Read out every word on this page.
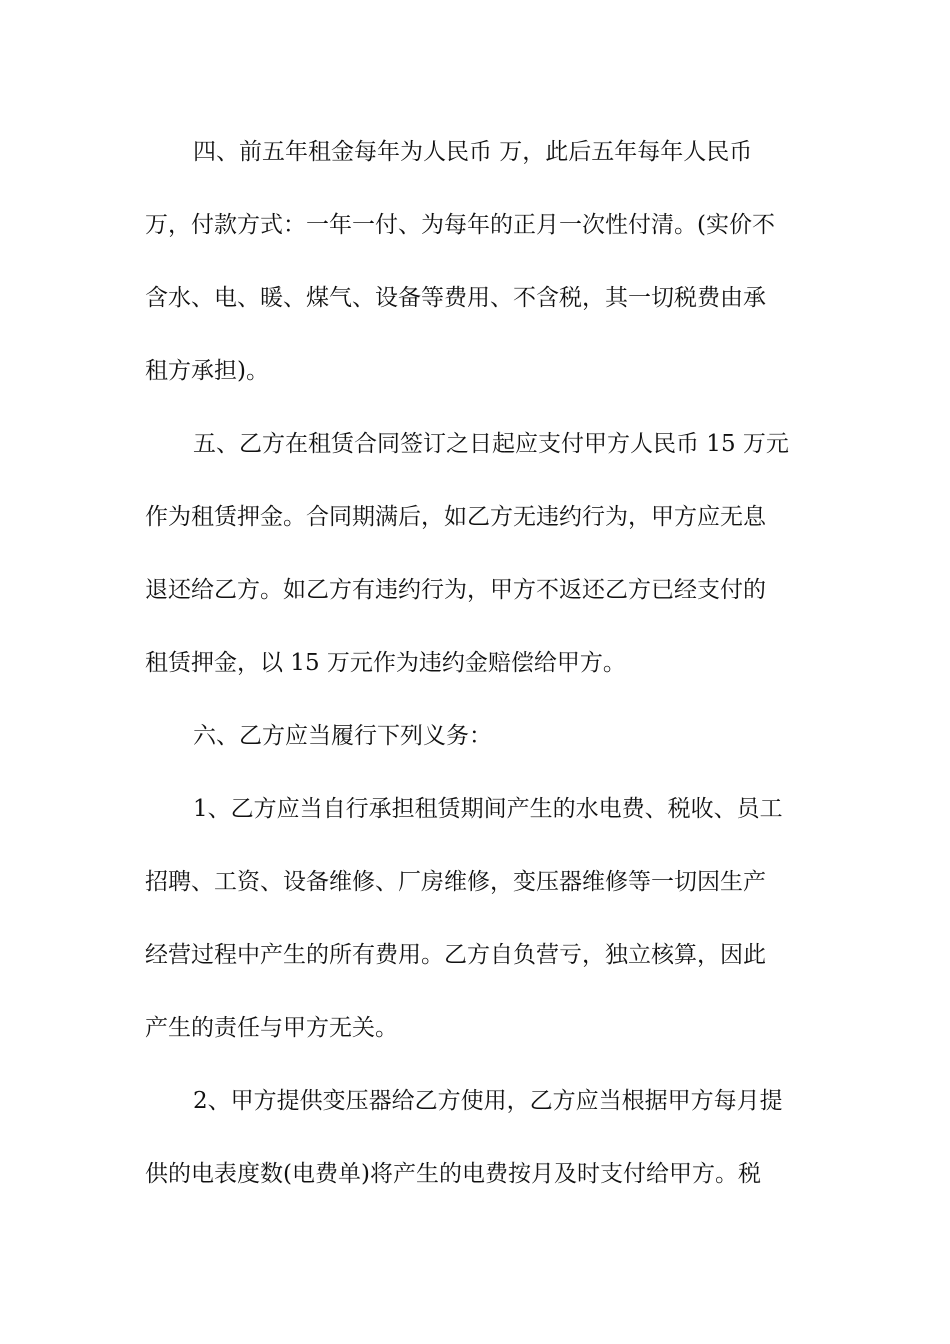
四、前五年租金每年为人民币 万，此后五年每年人民币
万，付款方式：一年一付、为每年的正月一次性付清。(实价不
含水、电、暖、煤气、设备等费用、不含税，其一切税费由承
租方承担)。
五、乙方在租赁合同签订之日起应支付甲方人民币 15 万元
作为租赁押金。合同期满后，如乙方无违约行为，甲方应无息
退还给乙方。如乙方有违约行为，甲方不返还乙方已经支付的
租赁押金，以 15 万元作为违约金赔偿给甲方。
六、乙方应当履行下列义务：
1、乙方应当自行承担租赁期间产生的水电费、税收、员工
招聘、工资、设备维修、厂房维修，变压器维修等一切因生产
经营过程中产生的所有费用。乙方自负营亏，独立核算，因此
产生的责任与甲方无关。
2、甲方提供变压器给乙方使用，乙方应当根据甲方每月提
供的电表度数(电费单)将产生的电费按月及时支付给甲方。税
